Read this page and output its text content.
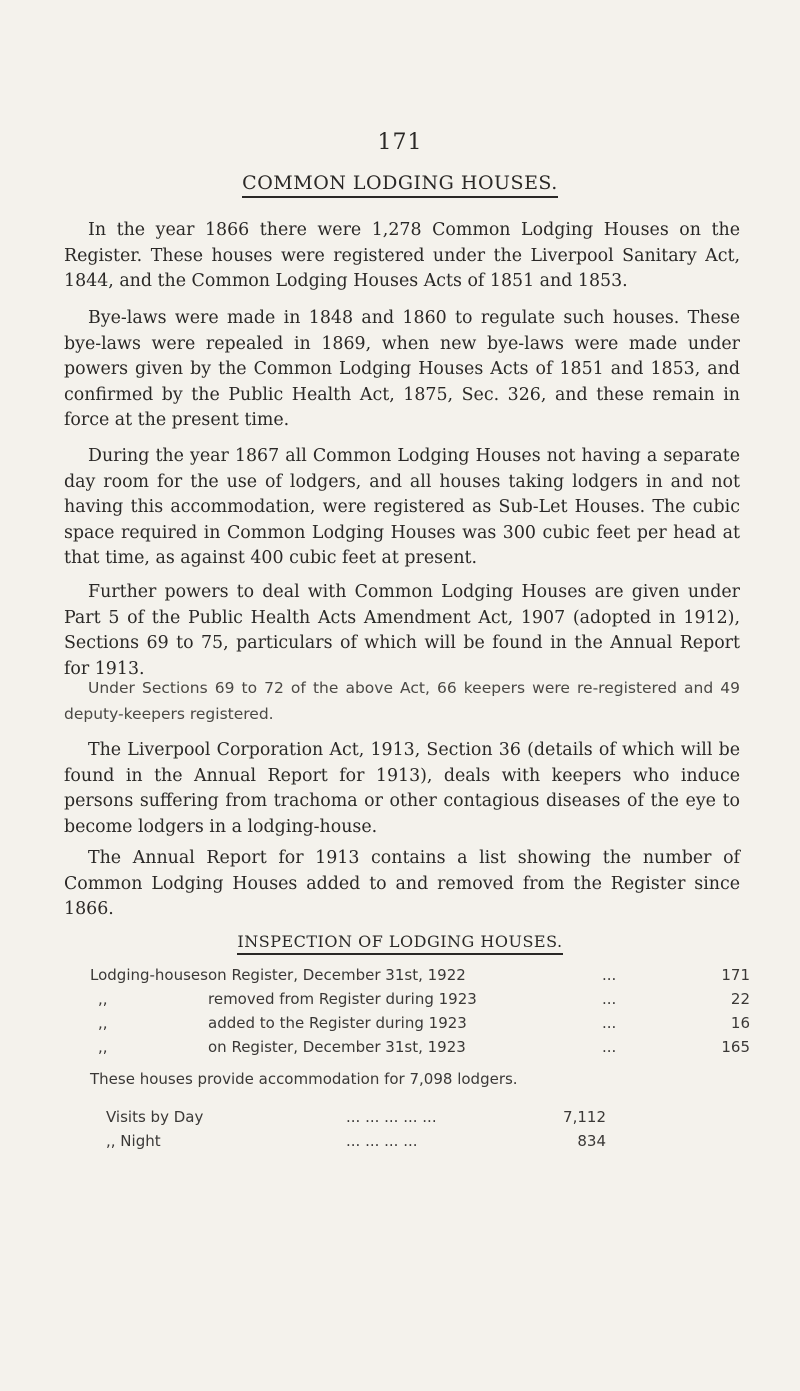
171
COMMON LODGING HOUSES.

In the year 1866 there were 1,278 Common Lodging Houses on the Register. These houses were registered under the Liverpool Sanitary Act, 1844, and the Common Lodging Houses Acts of 1851 and 1853.

Bye-laws were made in 1848 and 1860 to regulate such houses. These bye-laws were repealed in 1869, when new bye-laws were made under powers given by the Common Lodging Houses Acts of 1851 and 1853, and confirmed by the Public Health Act, 1875, Sec. 326, and these remain in force at the present time.

During the year 1867 all Common Lodging Houses not having a separate day room for the use of lodgers, and all houses taking lodgers in and not having this accommodation, were registered as Sub-Let Houses. The cubic space required in Common Lodging Houses was 300 cubic feet per head at that time, as against 400 cubic feet at present.

Further powers to deal with Common Lodging Houses are given under Part 5 of the Public Health Acts Amendment Act, 1907 (adopted in 1912), Sections 69 to 75, particulars of which will be found in the Annual Report for 1913.

Under Sections 69 to 72 of the above Act, 66 keepers were re-registered and 49 deputy-keepers registered.

The Liverpool Corporation Act, 1913, Section 36 (details of which will be found in the Annual Report for 1913), deals with keepers who induce persons suffering from trachoma or other contagious diseases of the eye to become lodgers in a lodging-house.

The Annual Report for 1913 contains a list showing the number of Common Lodging Houses added to and removed from the Register since 1866.

INSPECTION OF LODGING HOUSES.
Lodging-houses on Register, December 31st, 1922	...	171
,,	removed from Register during 1923	...	22
,,	added to the Register during 1923	...	16
,,	on Register, December 31st, 1923	...	165
These houses provide accommodation for 7,098 lodgers.
Visits by Day	... ... ... ... ...	7,112
,, Night	... ... ... ...	834
